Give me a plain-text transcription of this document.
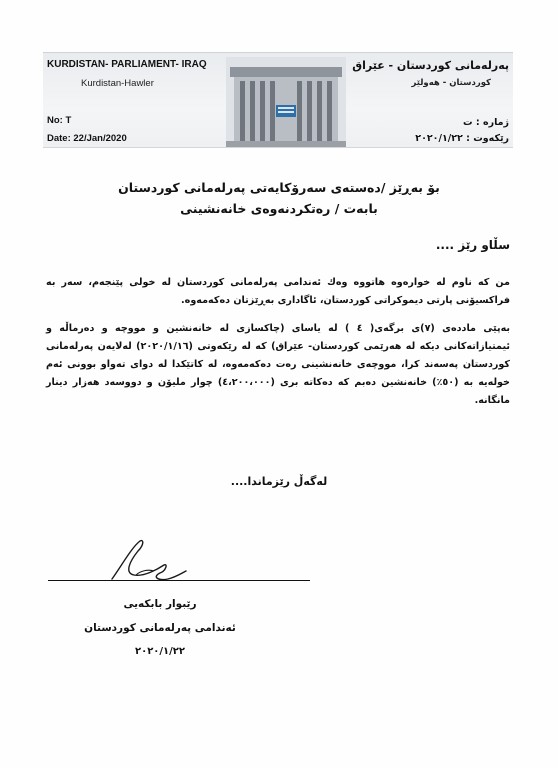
KURDISTAN- PARLIAMENT- IRAQ
Kurdistan-Hawler
No: T
Date: 22/Jan/2020
پەرلەمانی كوردستان - عێراق
كوردستان - هەولێر
ژمارە : ت
رێكەوت : ٢٠٢٠/١/٢٢
بۆ بەڕێز /دەستەی سەرۆكایەتی پەرلەمانی كوردستان
بابەت / رەتكردنەوەی خانەنشینی
سڵاو رێز ....
من كە ناوم لە خوارەوە هاتووە وەك ئەندامی پەرلەمانی كوردستان لە خولی پێنجەم، سەر بە فراكسیۆنی پارتی دیموكراتی كوردستان، ئاگاداری بەڕێزتان دەكەمەوە.
بەپێی ماددەی (٧)ی برگەی( ٤ ) لە یاسای (چاكسازی لە خانەنشین و مووچە و دەرماڵە و ئیمتیازاتەكانی دیكە لە هەرێمی كوردستان- عێراق) كە لە رێكەوتی (٢٠٢٠/١/١٦) لەلایەن پەرلەمانی كوردستان پەسەند كرا، مووچەی خانەنشینی رەت دەكەمەوە، لە كاتێكدا لە دوای تەواو بوونی ئەم خولەیە بە (٥٠٪) خانەنشین دەبم كە دەكاتە بری (٤،٢٠٠،٠٠٠) چوار ملیۆن و دووسەد هەزار دینار مانگانە.
لەگەڵ رێزماندا....
رێبوار بابكەیی
ئەندامی پەرلەمانی كوردستان
٢٠٢٠/١/٢٢
